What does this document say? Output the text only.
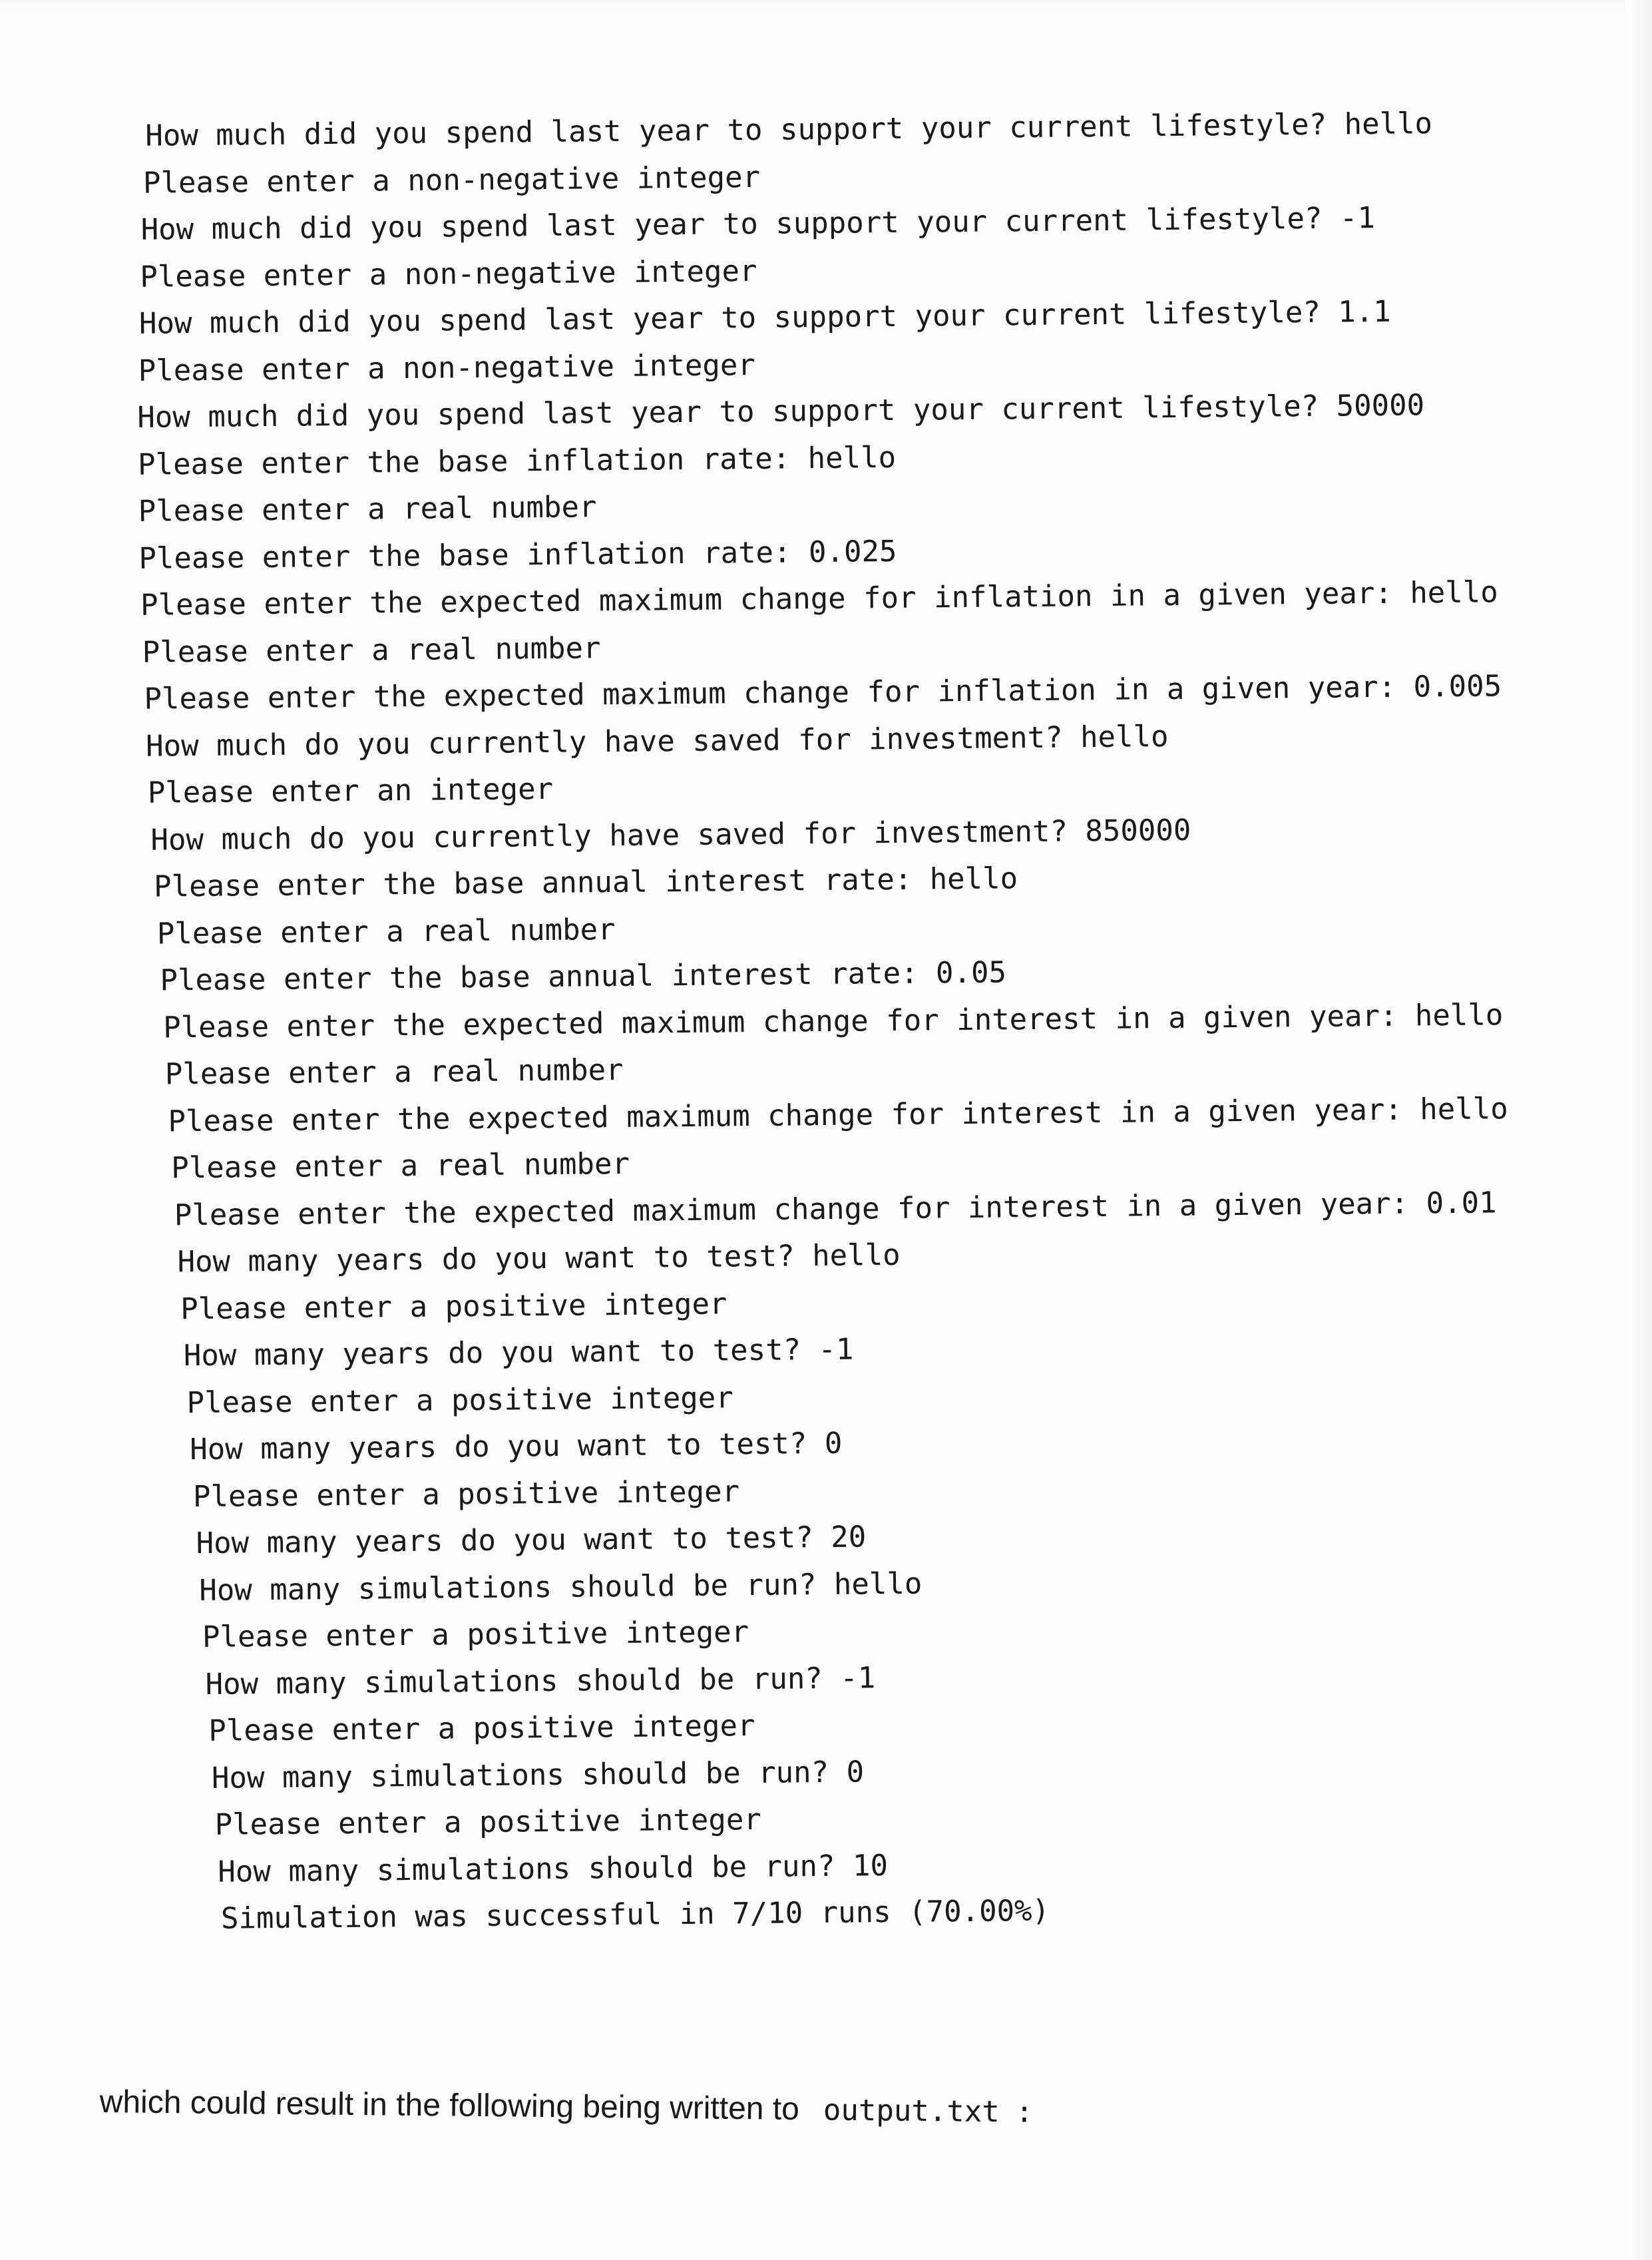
How much did you spend last year to support your current lifestyle? hello
Please enter a non-negative integer
How much did you spend last year to support your current lifestyle? -1
Please enter a non-negative integer
How much did you spend last year to support your current lifestyle? 1.1
Please enter a non-negative integer
How much did you spend last year to support your current lifestyle? 50000
Please enter the base inflation rate: hello
Please enter a real number
Please enter the base inflation rate: 0.025
Please enter the expected maximum change for inflation in a given year: hello
Please enter a real number
Please enter the expected maximum change for inflation in a given year: 0.005
How much do you currently have saved for investment? hello
Please enter an integer
How much do you currently have saved for investment? 850000
Please enter the base annual interest rate: hello
Please enter a real number
Please enter the base annual interest rate: 0.05
Please enter the expected maximum change for interest in a given year: hello
Please enter a real number
Please enter the expected maximum change for interest in a given year: hello
Please enter a real number
Please enter the expected maximum change for interest in a given year: 0.01
How many years do you want to test? hello
Please enter a positive integer
How many years do you want to test? -1
Please enter a positive integer
How many years do you want to test? 0
Please enter a positive integer
How many years do you want to test? 20
How many simulations should be run? hello
Please enter a positive integer
How many simulations should be run? -1
Please enter a positive integer
How many simulations should be run? 0
Please enter a positive integer
How many simulations should be run? 10
Simulation was successful in 7/10 runs (70.00%)
which could result in the following being written to output.txt :
